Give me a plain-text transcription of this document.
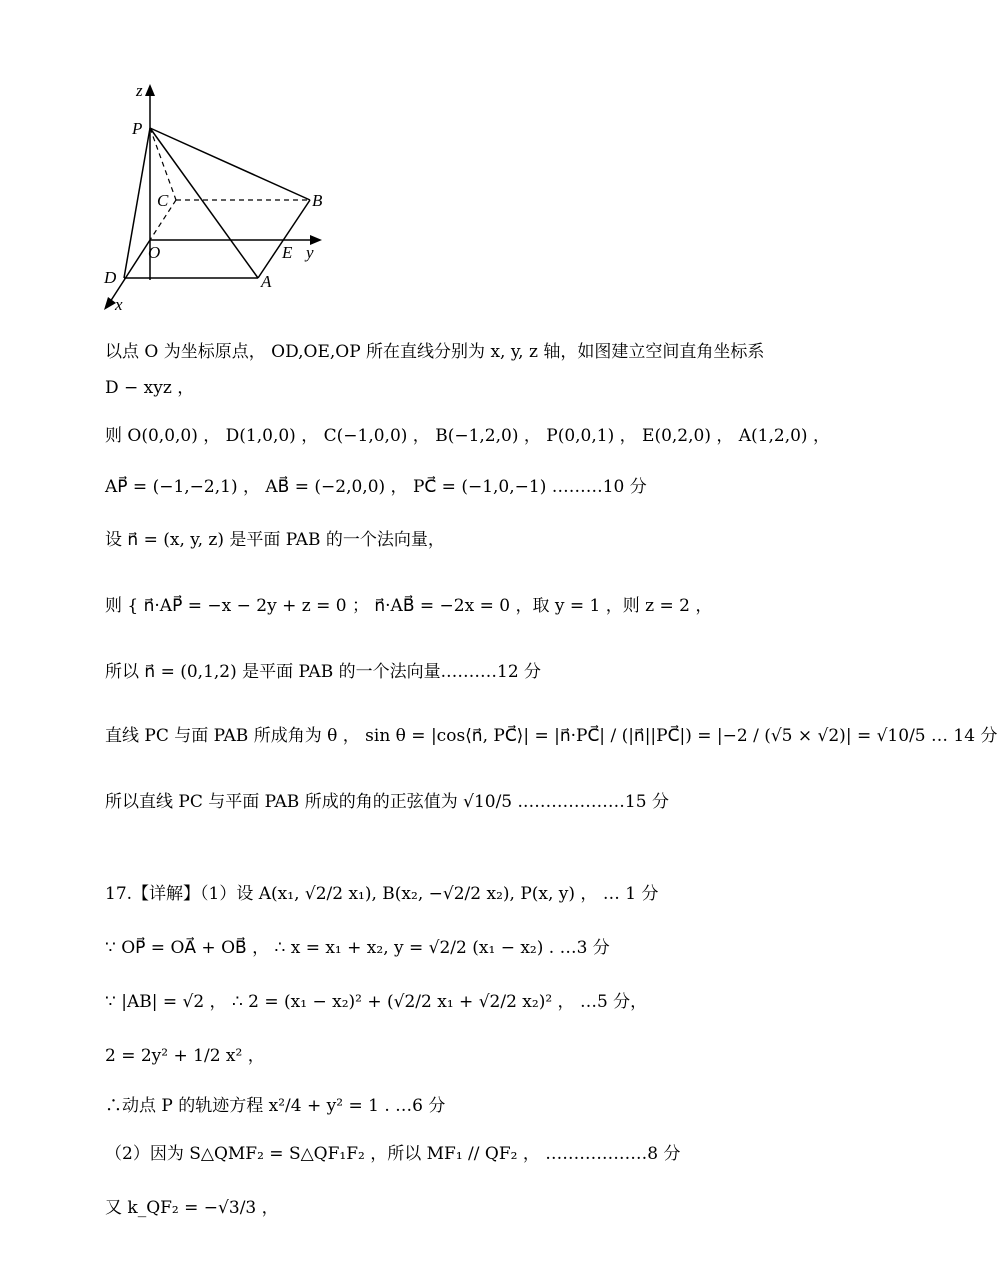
z
P
C	B
O	E y
D	A
x
以点 O 为坐标原点， OD,OE,OP 所在直线分别为 x, y, z 轴，如图建立空间直角坐标系
D − xyz ，
则 O(0,0,0) ， D(1,0,0) ， C(−1,0,0) ， B(−1,2,0) ， P(0,0,1) ， E(0,2,0) ， A(1,2,0) ，
AP⃗ = (−1,−2,1) ， AB⃗ = (−2,0,0) ， PC⃗ = (−1,0,−1) ………10 分
设 n⃗ = (x, y, z) 是平面 PAB 的一个法向量，
则 { n⃗·AP⃗ = −x − 2y + z = 0 ； n⃗·AB⃗ = −2x = 0 ，取 y = 1 ，则 z = 2 ，
所以 n⃗ = (0,1,2) 是平面 PAB 的一个法向量.………12 分
直线 PC 与面 PAB 所成角为 θ ， sin θ = |cos⟨n⃗, PC⃗⟩| = |n⃗·PC⃗| / (|n⃗||PC⃗|) = |−2 / (√5 × √2)| = √10/5 … 14 分
所以直线 PC 与平面 PAB 所成的角的正弦值为 √10/5 .………………15 分
17.【详解】（1）设 A(x₁, √2/2 x₁), B(x₂, −√2/2 x₂), P(x, y) ， … 1 分
∵ OP⃗ = OA⃗ + OB⃗ ， ∴ x = x₁ + x₂, y = √2/2 (x₁ − x₂) . …3 分
∵ |AB| = √2 ， ∴ 2 = (x₁ − x₂)² + (√2/2 x₁ + √2/2 x₂)² ， …5 分，
2 = 2y² + 1/2 x² ，
∴动点 P 的轨迹方程 x²/4 + y² = 1 . …6 分
（2）因为 S△QMF₂ = S△QF₁F₂ ，所以 MF₁ // QF₂ ， ………………8 分
又 k_QF₂ = −√3/3 ，
